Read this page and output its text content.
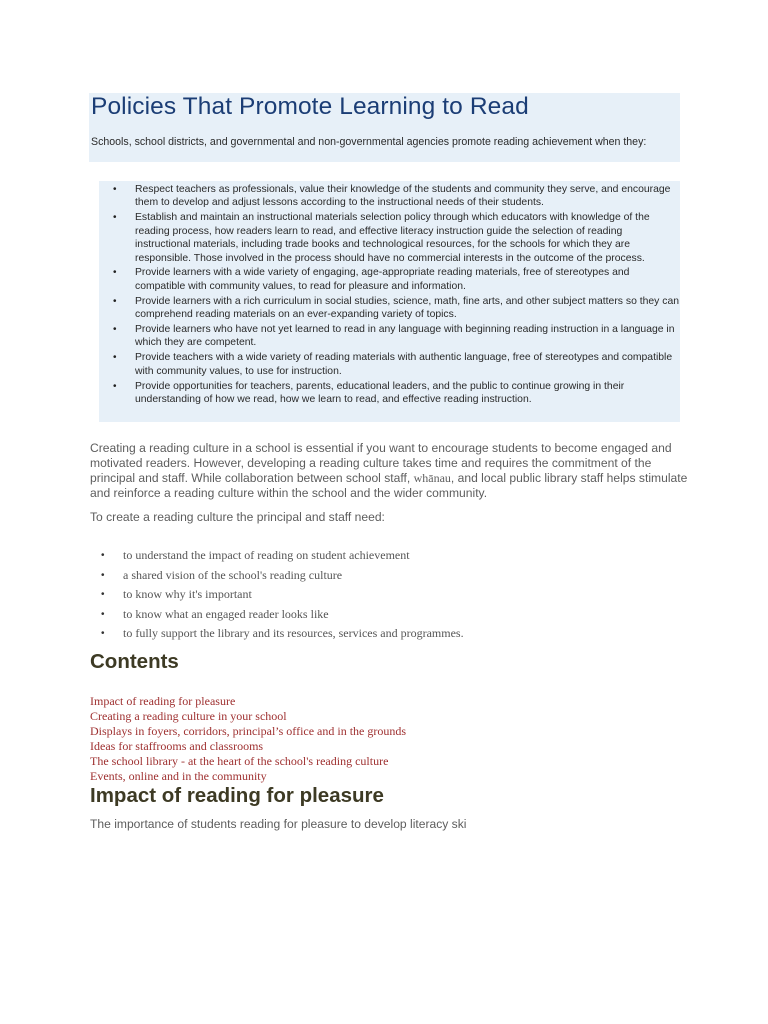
Policies That Promote Learning to Read

Schools, school districts, and governmental and non-governmental agencies promote reading achievement when they:

• Respect teachers as professionals, value their knowledge of the students and community they serve, and encourage them to develop and adjust lessons according to the instructional needs of their students.
• Establish and maintain an instructional materials selection policy through which educators with knowledge of the reading process, how readers learn to read, and effective literacy instruction guide the selection of reading instructional materials, including trade books and technological resources, for the schools for which they are responsible. Those involved in the process should have no commercial interests in the outcome of the process.
• Provide learners with a wide variety of engaging, age-appropriate reading materials, free of stereotypes and compatible with community values, to read for pleasure and information.
• Provide learners with a rich curriculum in social studies, science, math, fine arts, and other subject matters so they can comprehend reading materials on an ever-expanding variety of topics.
• Provide learners who have not yet learned to read in any language with beginning reading instruction in a language in which they are competent.
• Provide teachers with a wide variety of reading materials with authentic language, free of stereotypes and compatible with community values, to use for instruction.
• Provide opportunities for teachers, parents, educational leaders, and the public to continue growing in their understanding of how we read, how we learn to read, and effective reading instruction.

Creating a reading culture in a school is essential if you want to encourage students to become engaged and motivated readers. However, developing a reading culture takes time and requires the commitment of the principal and staff. While collaboration between school staff, whānau, and local public library staff helps stimulate and reinforce a reading culture within the school and the wider community.

To create a reading culture the principal and staff need:

• to understand the impact of reading on student achievement
• a shared vision of the school's reading culture
• to know why it's important
• to know what an engaged reader looks like
• to fully support the library and its resources, services and programmes.
Contents
Impact of reading for pleasure
Creating a reading culture in your school
Displays in foyers, corridors, principal’s office and in the grounds
Ideas for staffrooms and classrooms
The school library - at the heart of the school's reading culture
Events, online and in the community
Impact of reading for pleasure

The importance of students reading for pleasure to develop literacy ski
